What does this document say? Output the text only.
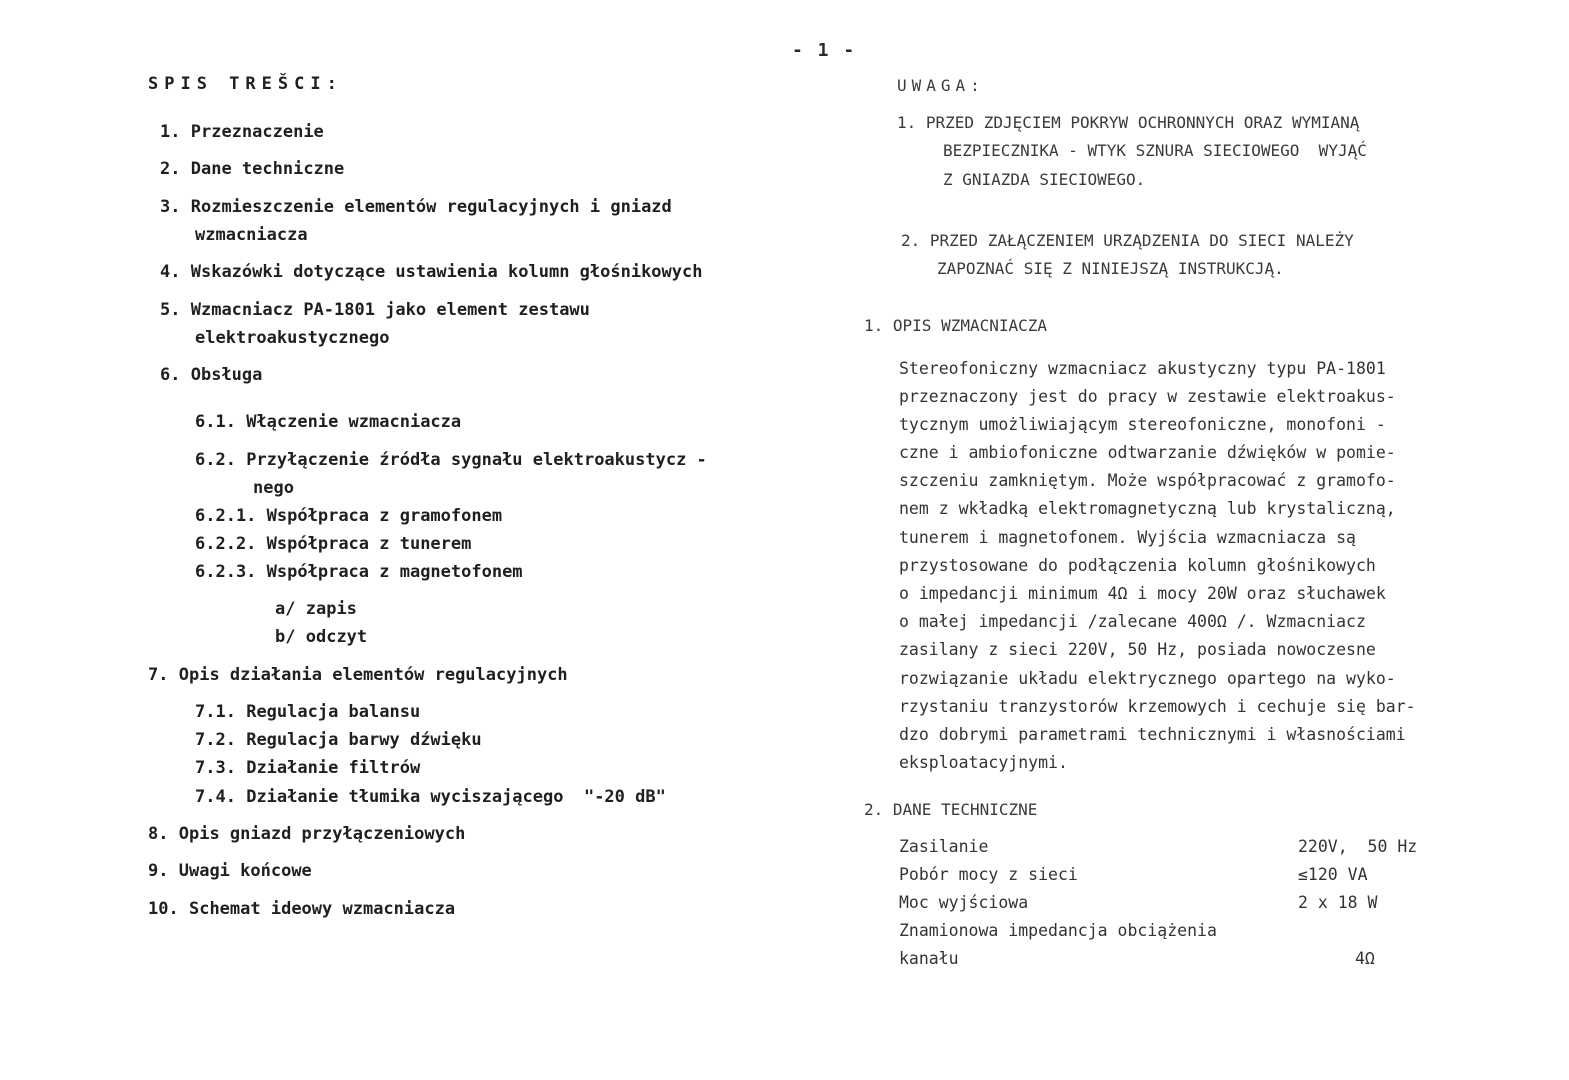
- 1 -
SPIS TREŠCI:
1. Przeznaczenie
2. Dane techniczne
3. Rozmieszczenie elementów regulacyjnych i gniazd
wzmacniacza
4. Wskazówki dotyczące ustawienia kolumn głośnikowych
5. Wzmacniacz PA-1801 jako element zestawu
elektroakustycznego
6. Obsługa
6.1. Włączenie wzmacniacza
6.2. Przyłączenie źródła sygnału elektroakustycz -
nego
6.2.1. Współpraca z gramofonem
6.2.2. Współpraca z tunerem
6.2.3. Współpraca z magnetofonem
a/ zapis
b/ odczyt
7. Opis działania elementów regulacyjnych
7.1. Regulacja balansu
7.2. Regulacja barwy dźwięku
7.3. Działanie filtrów
7.4. Działanie tłumika wyciszającego  "-20 dB"
8. Opis gniazd przyłączeniowych
9. Uwagi końcowe
10. Schemat ideowy wzmacniacza
UWAGA:
1. PRZED ZDJĘCIEM POKRYW OCHRONNYCH ORAZ WYMIANĄ
BEZPIECZNIKA - WTYK SZNURA SIECIOWEGO  WYJĄĆ
Z GNIAZDA SIECIOWEGO.
2. PRZED ZAŁĄCZENIEM URZĄDZENIA DO SIECI NALEŻY
ZAPOZNAĆ SIĘ Z NINIEJSZĄ INSTRUKCJĄ.
1. OPIS WZMACNIACZA
Stereofoniczny wzmacniacz akustyczny typu PA-1801
przeznaczony jest do pracy w zestawie elektroakus-
tycznym umożliwiającym stereofoniczne, monofoni -
czne i ambiofoniczne odtwarzanie dźwięków w pomie-
szczeniu zamkniętym. Może współpracować z gramofo-
nem z wkładką elektromagnetyczną lub krystaliczną,
tunerem i magnetofonem. Wyjścia wzmacniacza są
przystosowane do podłączenia kolumn głośnikowych
o impedancji minimum 4Ω i mocy 20W oraz słuchawek
o małej impedancji /zalecane 400Ω /. Wzmacniacz
zasilany z sieci 220V, 50 Hz, posiada nowoczesne
rozwiązanie układu elektrycznego opartego na wyko-
rzystaniu tranzystorów krzemowych i cechuje się bar-
dzo dobrymi parametrami technicznymi i własnościami
eksploatacyjnymi.
2. DANE TECHNICZNE
Zasilanie	220V,  50 Hz
Pobór mocy z sieci	≤120 VA
Moc wyjściowa	2 x 18 W
Znamionowa impedancja obciążenia
kanału	4Ω
